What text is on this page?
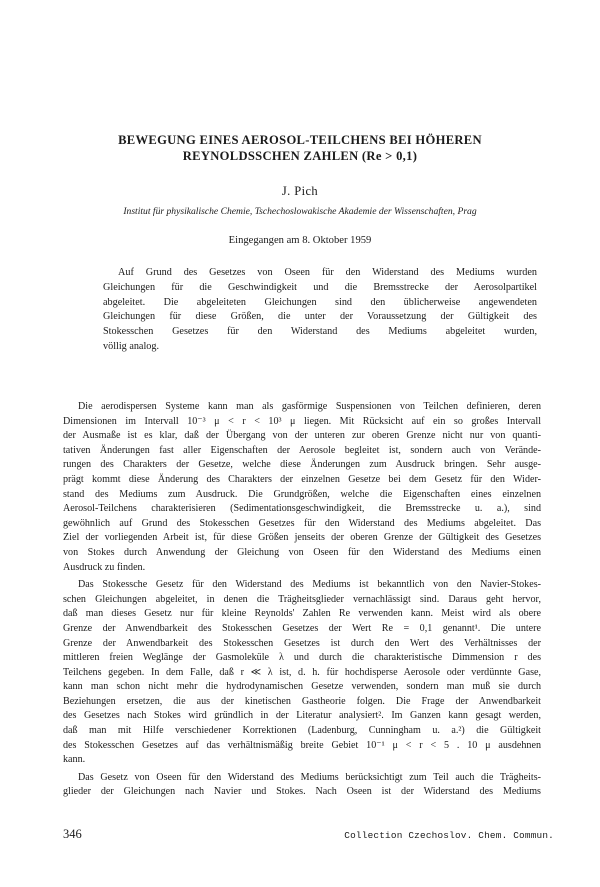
BEWEGUNG EINES AEROSOL-TEILCHENS BEI HÖHEREN
REYNOLDSSCHEN ZAHLEN (Re > 0,1)
J. Pich
Institut für physikalische Chemie, Tschechoslowakische Akademie der Wissenschaften, Prag
Eingegangen am 8. Oktober 1959
Auf Grund des Gesetzes von Oseen für den Widerstand des Mediums wurden
Gleichungen für die Geschwindigkeit und die Bremsstrecke der Aerosolpartikel
abgeleitet. Die abgeleiteten Gleichungen sind den üblicherweise angewendeten
Gleichungen für diese Größen, die unter der Voraussetzung der Gültigkeit des
Stokesschen Gesetzes für den Widerstand des Mediums abgeleitet wurden,
völlig analog.
Die aerodispersen Systeme kann man als gasförmige Suspensionen von Teilchen definieren, deren
Dimensionen im Intervall 10⁻³ μ < r < 10³ μ liegen. Mit Rücksicht auf ein so großes Intervall
der Ausmaße ist es klar, daß der Übergang von der unteren zur oberen Grenze nicht nur von quanti-
tativen Änderungen fast aller Eigenschaften der Aerosole begleitet ist, sondern auch von Verände-
rungen des Charakters der Gesetze, welche diese Änderungen zum Ausdruck bringen. Sehr ausge-
prägt kommt diese Änderung des Charakters der einzelnen Gesetze bei dem Gesetz für den Wider-
stand des Mediums zum Ausdruck. Die Grundgrößen, welche die Eigenschaften eines einzelnen
Aerosol-Teilchens charakterisieren (Sedimentationsgeschwindigkeit, die Bremsstrecke u. a.), sind
gewöhnlich auf Grund des Stokesschen Gesetzes für den Widerstand des Mediums abgeleitet. Das
Ziel der vorliegenden Arbeit ist, für diese Größen jenseits der oberen Grenze der Gültigkeit des Gesetzes
von Stokes durch Anwendung der Gleichung von Oseen für den Widerstand des Mediums einen
Ausdruck zu finden.
Das Stokessche Gesetz für den Widerstand des Mediums ist bekanntlich von den Navier-Stokes-
schen Gleichungen abgeleitet, in denen die Trägheitsglieder vernachlässigt sind. Daraus geht hervor,
daß man dieses Gesetz nur für kleine Reynolds' Zahlen Re verwenden kann. Meist wird als obere
Grenze der Anwendbarkeit des Stokesschen Gesetzes der Wert Re = 0,1 genannt¹. Die untere
Grenze der Anwendbarkeit des Stokesschen Gesetzes ist durch den Wert des Verhältnisses der
mittleren freien Weglänge der Gasmoleküle λ und durch die charakteristische Dimmension r des
Teilchens gegeben. In dem Falle, daß r ≪ λ ist, d. h. für hochdisperse Aerosole oder verdünnte Gase,
kann man schon nicht mehr die hydrodynamischen Gesetze verwenden, sondern man muß sie durch
Beziehungen ersetzen, die aus der kinetischen Gastheorie folgen. Die Frage der Anwendbarkeit
des Gesetzes nach Stokes wird gründlich in der Literatur analysiert². Im Ganzen kann gesagt werden,
daß man mit Hilfe verschiedener Korrektionen (Ladenburg, Cunningham u. a.²) die Gültigkeit
des Stokesschen Gesetzes auf das verhältnismäßig breite Gebiet 10⁻¹ μ < r < 5 . 10 μ ausdehnen
kann.
Das Gesetz von Oseen für den Widerstand des Mediums berücksichtigt zum Teil auch die Trägheits-
glieder der Gleichungen nach Navier und Stokes. Nach Oseen ist der Widerstand des Mediums
346	Collection Czechoslov. Chem. Commun.
